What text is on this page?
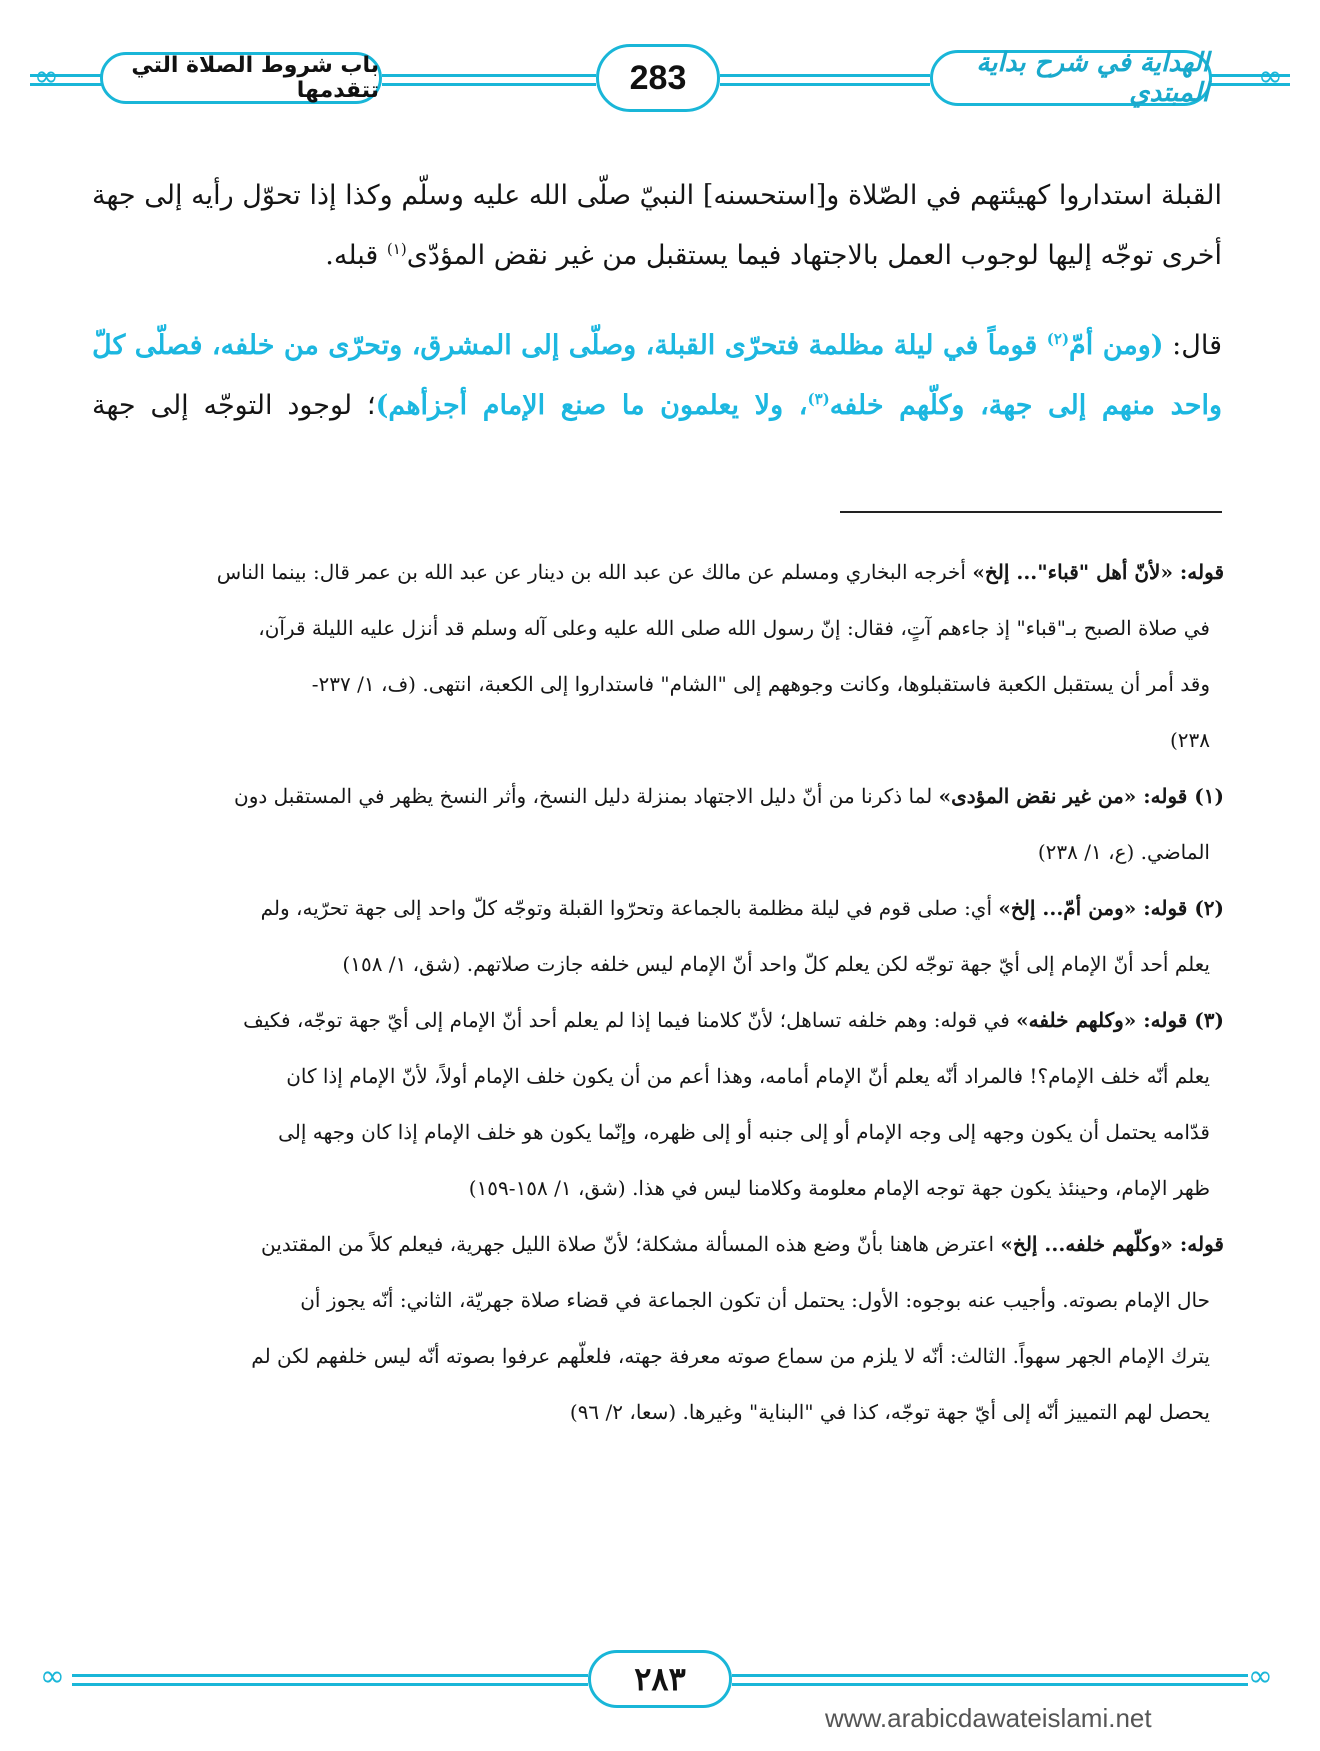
∞	∞
باب شروط الصلاة التي تتقدمها	283	الهداية في شرح بداية المبتدي
القبلة استداروا كهيئتهم في الصّلاة و[استحسنه] النبيّ صلّى الله عليه وسلّم وكذا إذا تحوّل رأيه إلى جهة
أخرى توجّه إليها لوجوب العمل بالاجتهاد فيما يستقبل من غير نقض المؤدّى$^{(١)}$ قبله.
قال: (ومن أمّ$^{(٢)}$ قوماً في ليلة مظلمة فتحرّى القبلة، وصلّى إلى المشرق، وتحرّى من خلفه، فصلّى كلّ
واحد منهم إلى جهة، وكلّهم خلفه$^{(٣)}$، ولا يعلمون ما صنع الإمام أجزأهم)؛ لوجود التوجّه إلى جهة
قوله: «لأنّ أهل "قباء"... إلخ» أخرجه البخاري ومسلم عن مالك عن عبد الله بن دينار عن عبد الله بن عمر قال: بينما الناس
في صلاة الصبح بـ"قباء" إذ جاءهم آتٍ، فقال: إنّ رسول الله صلى الله عليه وعلى آله وسلم قد أنزل عليه الليلة قرآن،
وقد أمر أن يستقبل الكعبة فاستقبلوها، وكانت وجوههم إلى "الشام" فاستداروا إلى الكعبة، انتهى. (ف، ١/ ٢٣٧-
٢٣٨)
(١) قوله: «من غير نقض المؤدى» لما ذكرنا من أنّ دليل الاجتهاد بمنزلة دليل النسخ، وأثر النسخ يظهر في المستقبل دون
الماضي. (ع، ١/ ٢٣٨)
(٢) قوله: «ومن أمّ... إلخ» أي: صلى قوم في ليلة مظلمة بالجماعة وتحرّوا القبلة وتوجّه كلّ واحد إلى جهة تحرّيه، ولم
يعلم أحد أنّ الإمام إلى أيّ جهة توجّه لكن يعلم كلّ واحد أنّ الإمام ليس خلفه جازت صلاتهم. (شق، ١/ ١٥٨)
(٣) قوله: «وكلهم خلفه» في قوله: وهم خلفه تساهل؛ لأنّ كلامنا فيما إذا لم يعلم أحد أنّ الإمام إلى أيّ جهة توجّه، فكيف
يعلم أنّه خلف الإمام؟! فالمراد أنّه يعلم أنّ الإمام أمامه، وهذا أعم من أن يكون خلف الإمام أولاً، لأنّ الإمام إذا كان
قدّامه يحتمل أن يكون وجهه إلى وجه الإمام أو إلى جنبه أو إلى ظهره، وإنّما يكون هو خلف الإمام إذا كان وجهه إلى
ظهر الإمام، وحينئذ يكون جهة توجه الإمام معلومة وكلامنا ليس في هذا. (شق، ١/ ١٥٨-١٥٩)
قوله: «وكلّهم خلفه... إلخ» اعترض هاهنا بأنّ وضع هذه المسألة مشكلة؛ لأنّ صلاة الليل جهرية، فيعلم كلاً من المقتدين
حال الإمام بصوته. وأجيب عنه بوجوه: الأول: يحتمل أن تكون الجماعة في قضاء صلاة جهريّة، الثاني: أنّه يجوز أن
يترك الإمام الجهر سهواً. الثالث: أنّه لا يلزم من سماع صوته معرفة جهته، فلعلّهم عرفوا بصوته أنّه ليس خلفهم لكن لم
يحصل لهم التمييز أنّه إلى أيّ جهة توجّه، كذا في "البناية" وغيرها. (سعا، ٢/ ٩٦)
∞	∞
٢٨٣
www.arabicdawateislami.net
